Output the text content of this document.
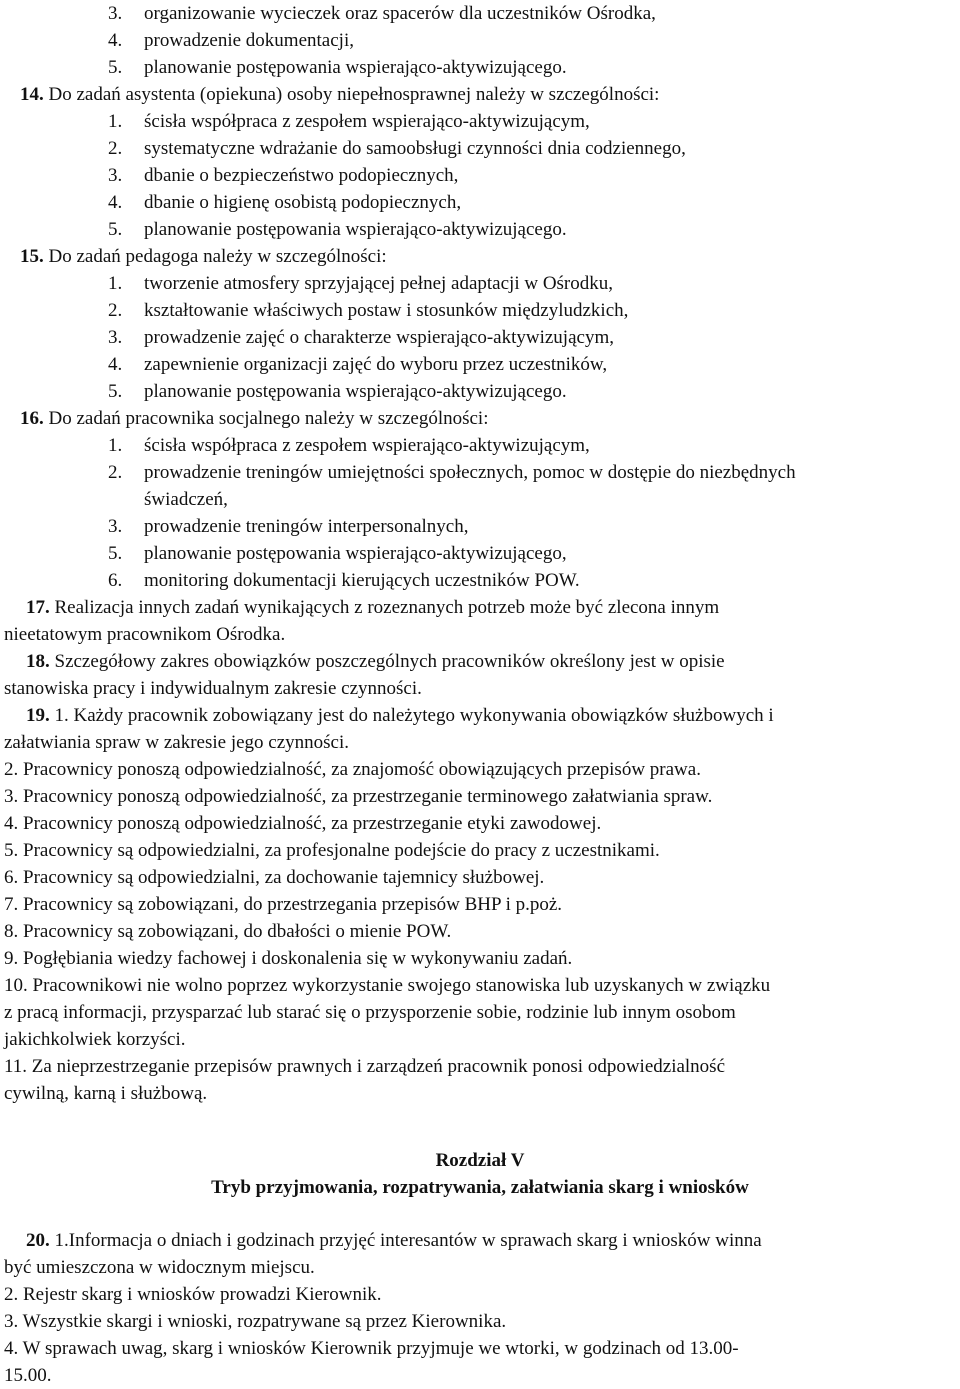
3. organizowanie wycieczek oraz spacerów dla uczestników Ośrodka,
4. prowadzenie dokumentacji,
5. planowanie postępowania wspierająco-aktywizującego.
14. Do zadań asystenta (opiekuna) osoby niepełnosprawnej należy w szczególności:
1. ścisła współpraca z zespołem wspierająco-aktywizującym,
2. systematyczne wdrażanie do samoobsługi czynności dnia codziennego,
3. dbanie o bezpieczeństwo podopiecznych,
4. dbanie o higienę osobistą podopiecznych,
5. planowanie postępowania wspierająco-aktywizującego.
15. Do zadań pedagoga należy w szczególności:
1. tworzenie atmosfery sprzyjającej pełnej adaptacji w Ośrodku,
2. kształtowanie właściwych postaw i stosunków międzyludzkich,
3. prowadzenie zajęć o charakterze wspierająco-aktywizującym,
4. zapewnienie organizacji zajęć do wyboru przez uczestników,
5. planowanie postępowania wspierająco-aktywizującego.
16. Do zadań pracownika socjalnego należy w szczególności:
1. ścisła współpraca z zespołem wspierająco-aktywizującym,
2. prowadzenie treningów umiejętności społecznych, pomoc w dostępie do niezbędnych
świadczeń,
3. prowadzenie treningów interpersonalnych,
5. planowanie postępowania wspierająco-aktywizującego,
6. monitoring dokumentacji kierujących uczestników POW.
17. Realizacja innych zadań wynikających z rozeznanych potrzeb może być zlecona innym
nieetatowym pracownikom Ośrodka.
18. Szczegółowy zakres obowiązków poszczególnych pracowników określony jest w opisie
stanowiska pracy i indywidualnym zakresie czynności.
19. 1. Każdy pracownik zobowiązany jest do należytego wykonywania obowiązków służbowych i
załatwiania spraw w zakresie jego czynności.
2. Pracownicy ponoszą odpowiedzialność, za znajomość obowiązujących przepisów prawa.
3. Pracownicy ponoszą odpowiedzialność, za przestrzeganie terminowego załatwiania spraw.
4. Pracownicy ponoszą odpowiedzialność, za przestrzeganie etyki zawodowej.
5. Pracownicy są odpowiedzialni, za profesjonalne podejście do pracy z uczestnikami.
6. Pracownicy są odpowiedzialni, za dochowanie tajemnicy służbowej.
7. Pracownicy są zobowiązani, do przestrzegania przepisów BHP i p.poż.
8. Pracownicy są zobowiązani, do dbałości o mienie POW.
9. Pogłębiania wiedzy fachowej i doskonalenia się w wykonywaniu zadań.
10. Pracownikowi nie wolno poprzez wykorzystanie swojego stanowiska lub uzyskanych w związku
z pracą informacji, przysparzać lub starać się o przysporzenie sobie, rodzinie lub innym osobom
jakichkolwiek korzyści.
11. Za nieprzestrzeganie przepisów prawnych i zarządzeń pracownik ponosi odpowiedzialność
cywilną, karną i służbową.
Rozdział V
Tryb przyjmowania, rozpatrywania, załatwiania skarg i wniosków
20. 1.Informacja o dniach i godzinach przyjęć interesantów w sprawach skarg i wniosków winna
być umieszczona w widocznym miejscu.
2. Rejestr skarg i wniosków prowadzi Kierownik.
3. Wszystkie skargi i wnioski, rozpatrywane są przez Kierownika.
4. W sprawach uwag, skarg i wniosków Kierownik przyjmuje we wtorki, w godzinach od 13.00-
15.00.
